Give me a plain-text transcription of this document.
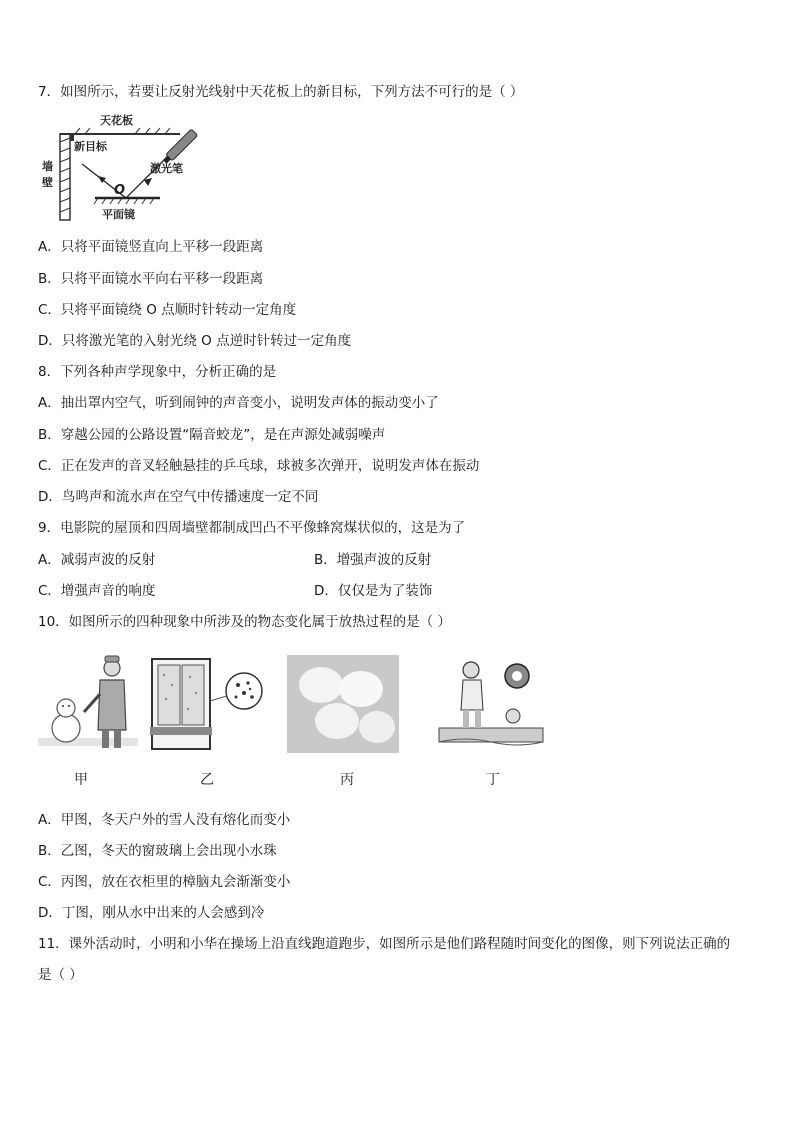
7．如图所示，若要让反射光线射中天花板上的新目标，下列方法不可行的是（ ）
天花板
新目标
墙
壁
平面镜
O
激光笔
A．只将平面镜竖直向上平移一段距离
B．只将平面镜水平向右平移一段距离
C．只将平面镜绕 O 点顺时针转动一定角度
D．只将激光笔的入射光绕 O 点逆时针转过一定角度
8．下列各种声学现象中，分析正确的是
A．抽出罩内空气，听到闹钟的声音变小，说明发声体的振动变小了
B．穿越公园的公路设置“隔音蛟龙”，是在声源处减弱噪声
C．正在发声的音叉轻触悬挂的乒乓球，球被多次弹开，说明发声体在振动
D．鸟鸣声和流水声在空气中传播速度一定不同
9．电影院的屋顶和四周墙壁都制成凹凸不平像蜂窝煤状似的，这是为了
A．减弱声波的反射	B．增强声波的反射
C．增强声音的响度	D．仅仅是为了装饰
10．如图所示的四种现象中所涉及的物态变化属于放热过程的是（ ）
甲	乙	丙	丁
A．甲图，冬天户外的雪人没有熔化而变小
B．乙图，冬天的窗玻璃上会出现小水珠
C．丙图，放在衣柜里的樟脑丸会渐渐变小
D．丁图，刚从水中出来的人会感到冷
11．课外活动时，小明和小华在操场上沿直线跑道跑步，如图所示是他们路程随时间变化的图像，则下列说法正确的
是（ ）
